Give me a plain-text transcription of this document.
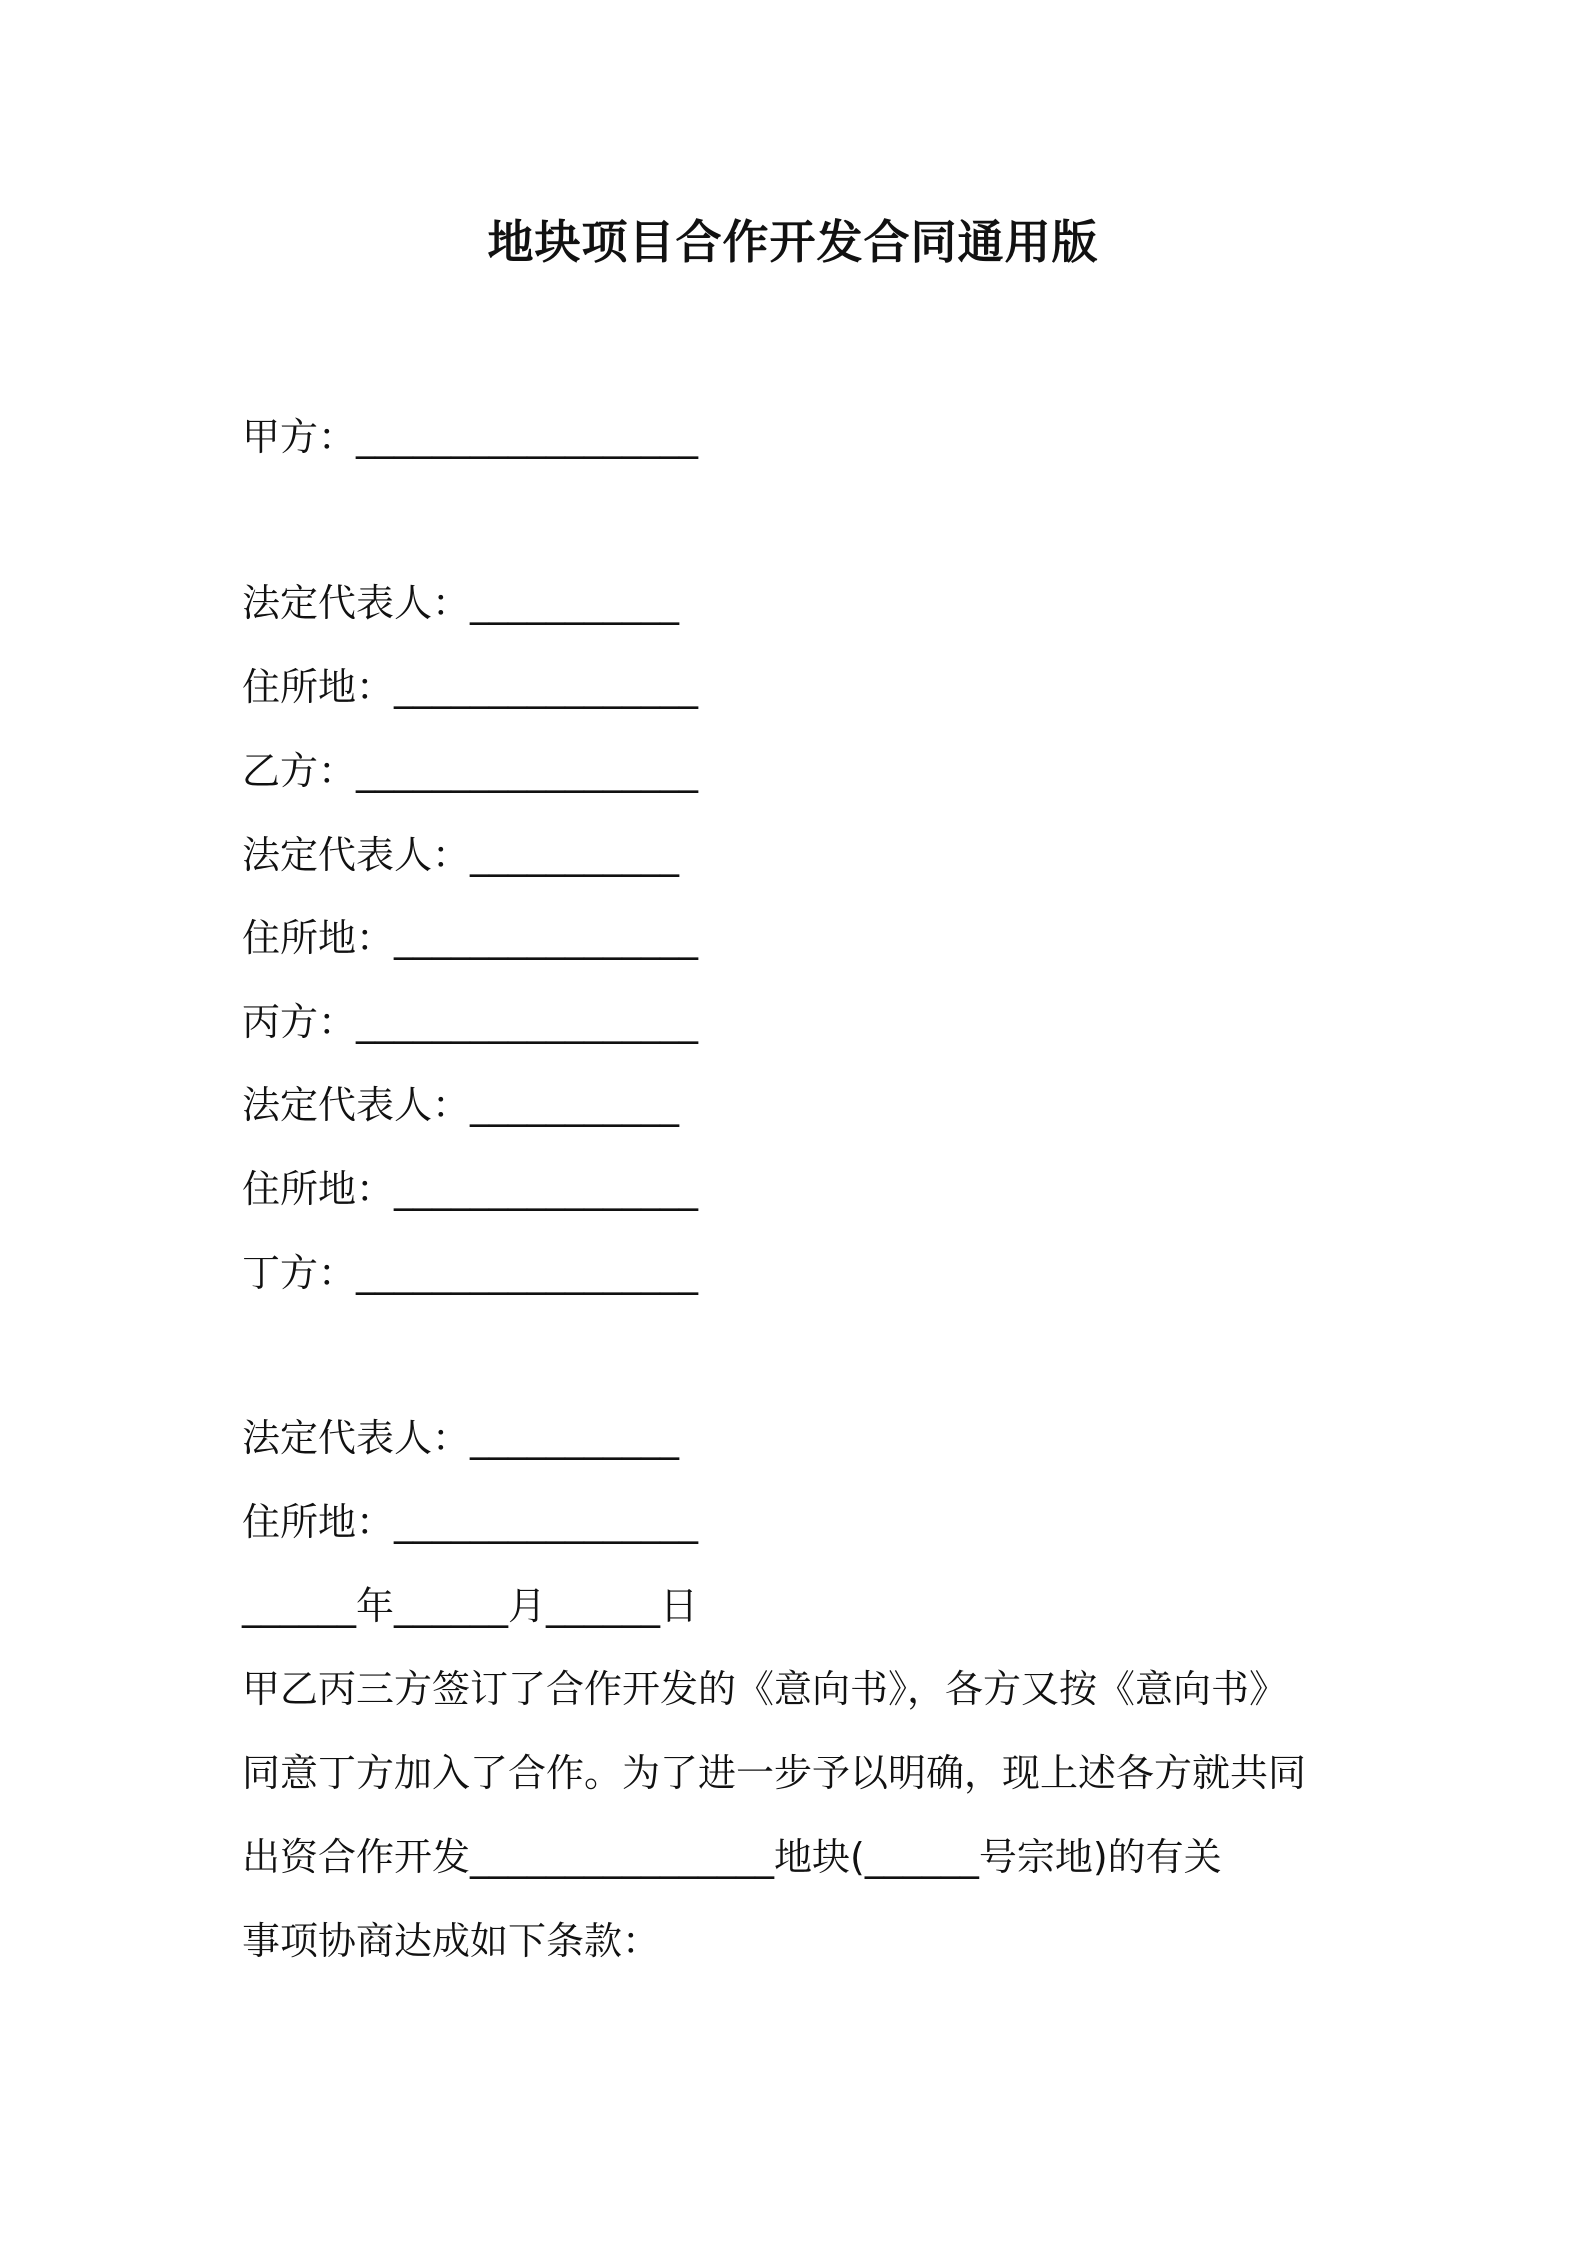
地块项目合作开发合同通用版
甲方：__________________
法定代表人：___________
住所地：________________
乙方：__________________
法定代表人：___________
住所地：________________
丙方：__________________
法定代表人：___________
住所地：________________
丁方：__________________
法定代表人：___________
住所地：________________
______年______月______日
甲乙丙三方签订了合作开发的《意向书》，各方又按《意向书》
同意丁方加入了合作。为了进一步予以明确，现上述各方就共同
出资合作开发________________地块(______号宗地)的有关
事项协商达成如下条款：
